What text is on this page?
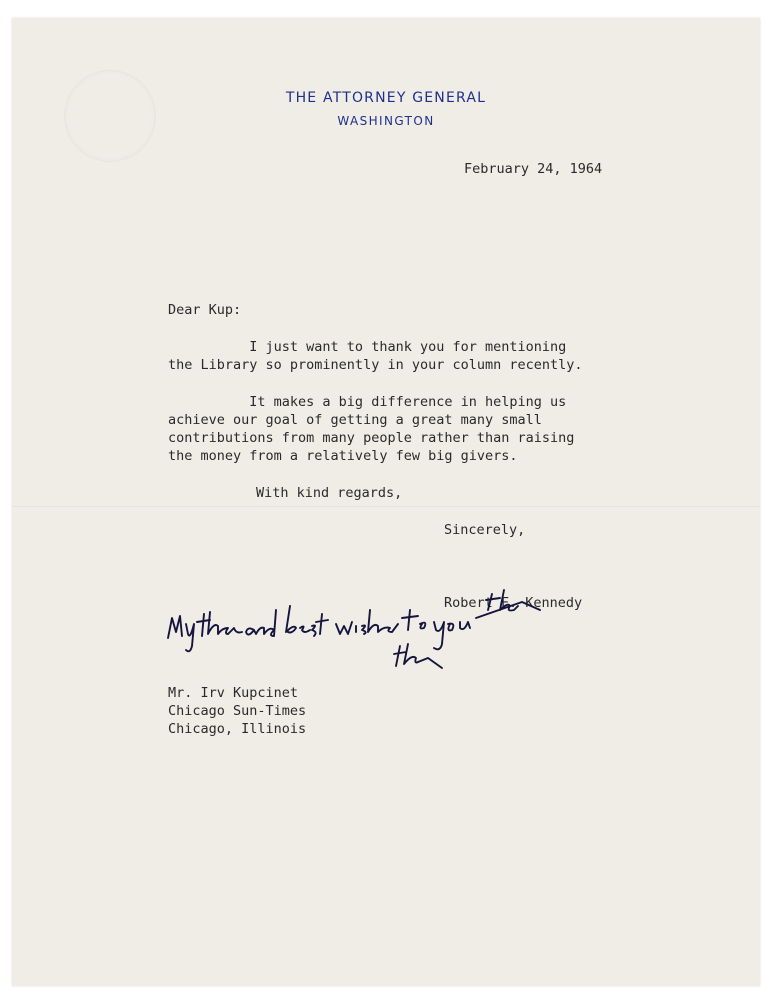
THE ATTORNEY GENERAL
WASHINGTON
February 24, 1964
Dear Kup:
I just want to thank you for mentioning
the Library so prominently in your column recently.
It makes a big difference in helping us
achieve our goal of getting a great many small
contributions from many people rather than raising
the money from a relatively few big givers.
With kind regards,
Sincerely,
Robert F. Kennedy
Mr. Irv Kupcinet
Chicago Sun-Times
Chicago, Illinois
